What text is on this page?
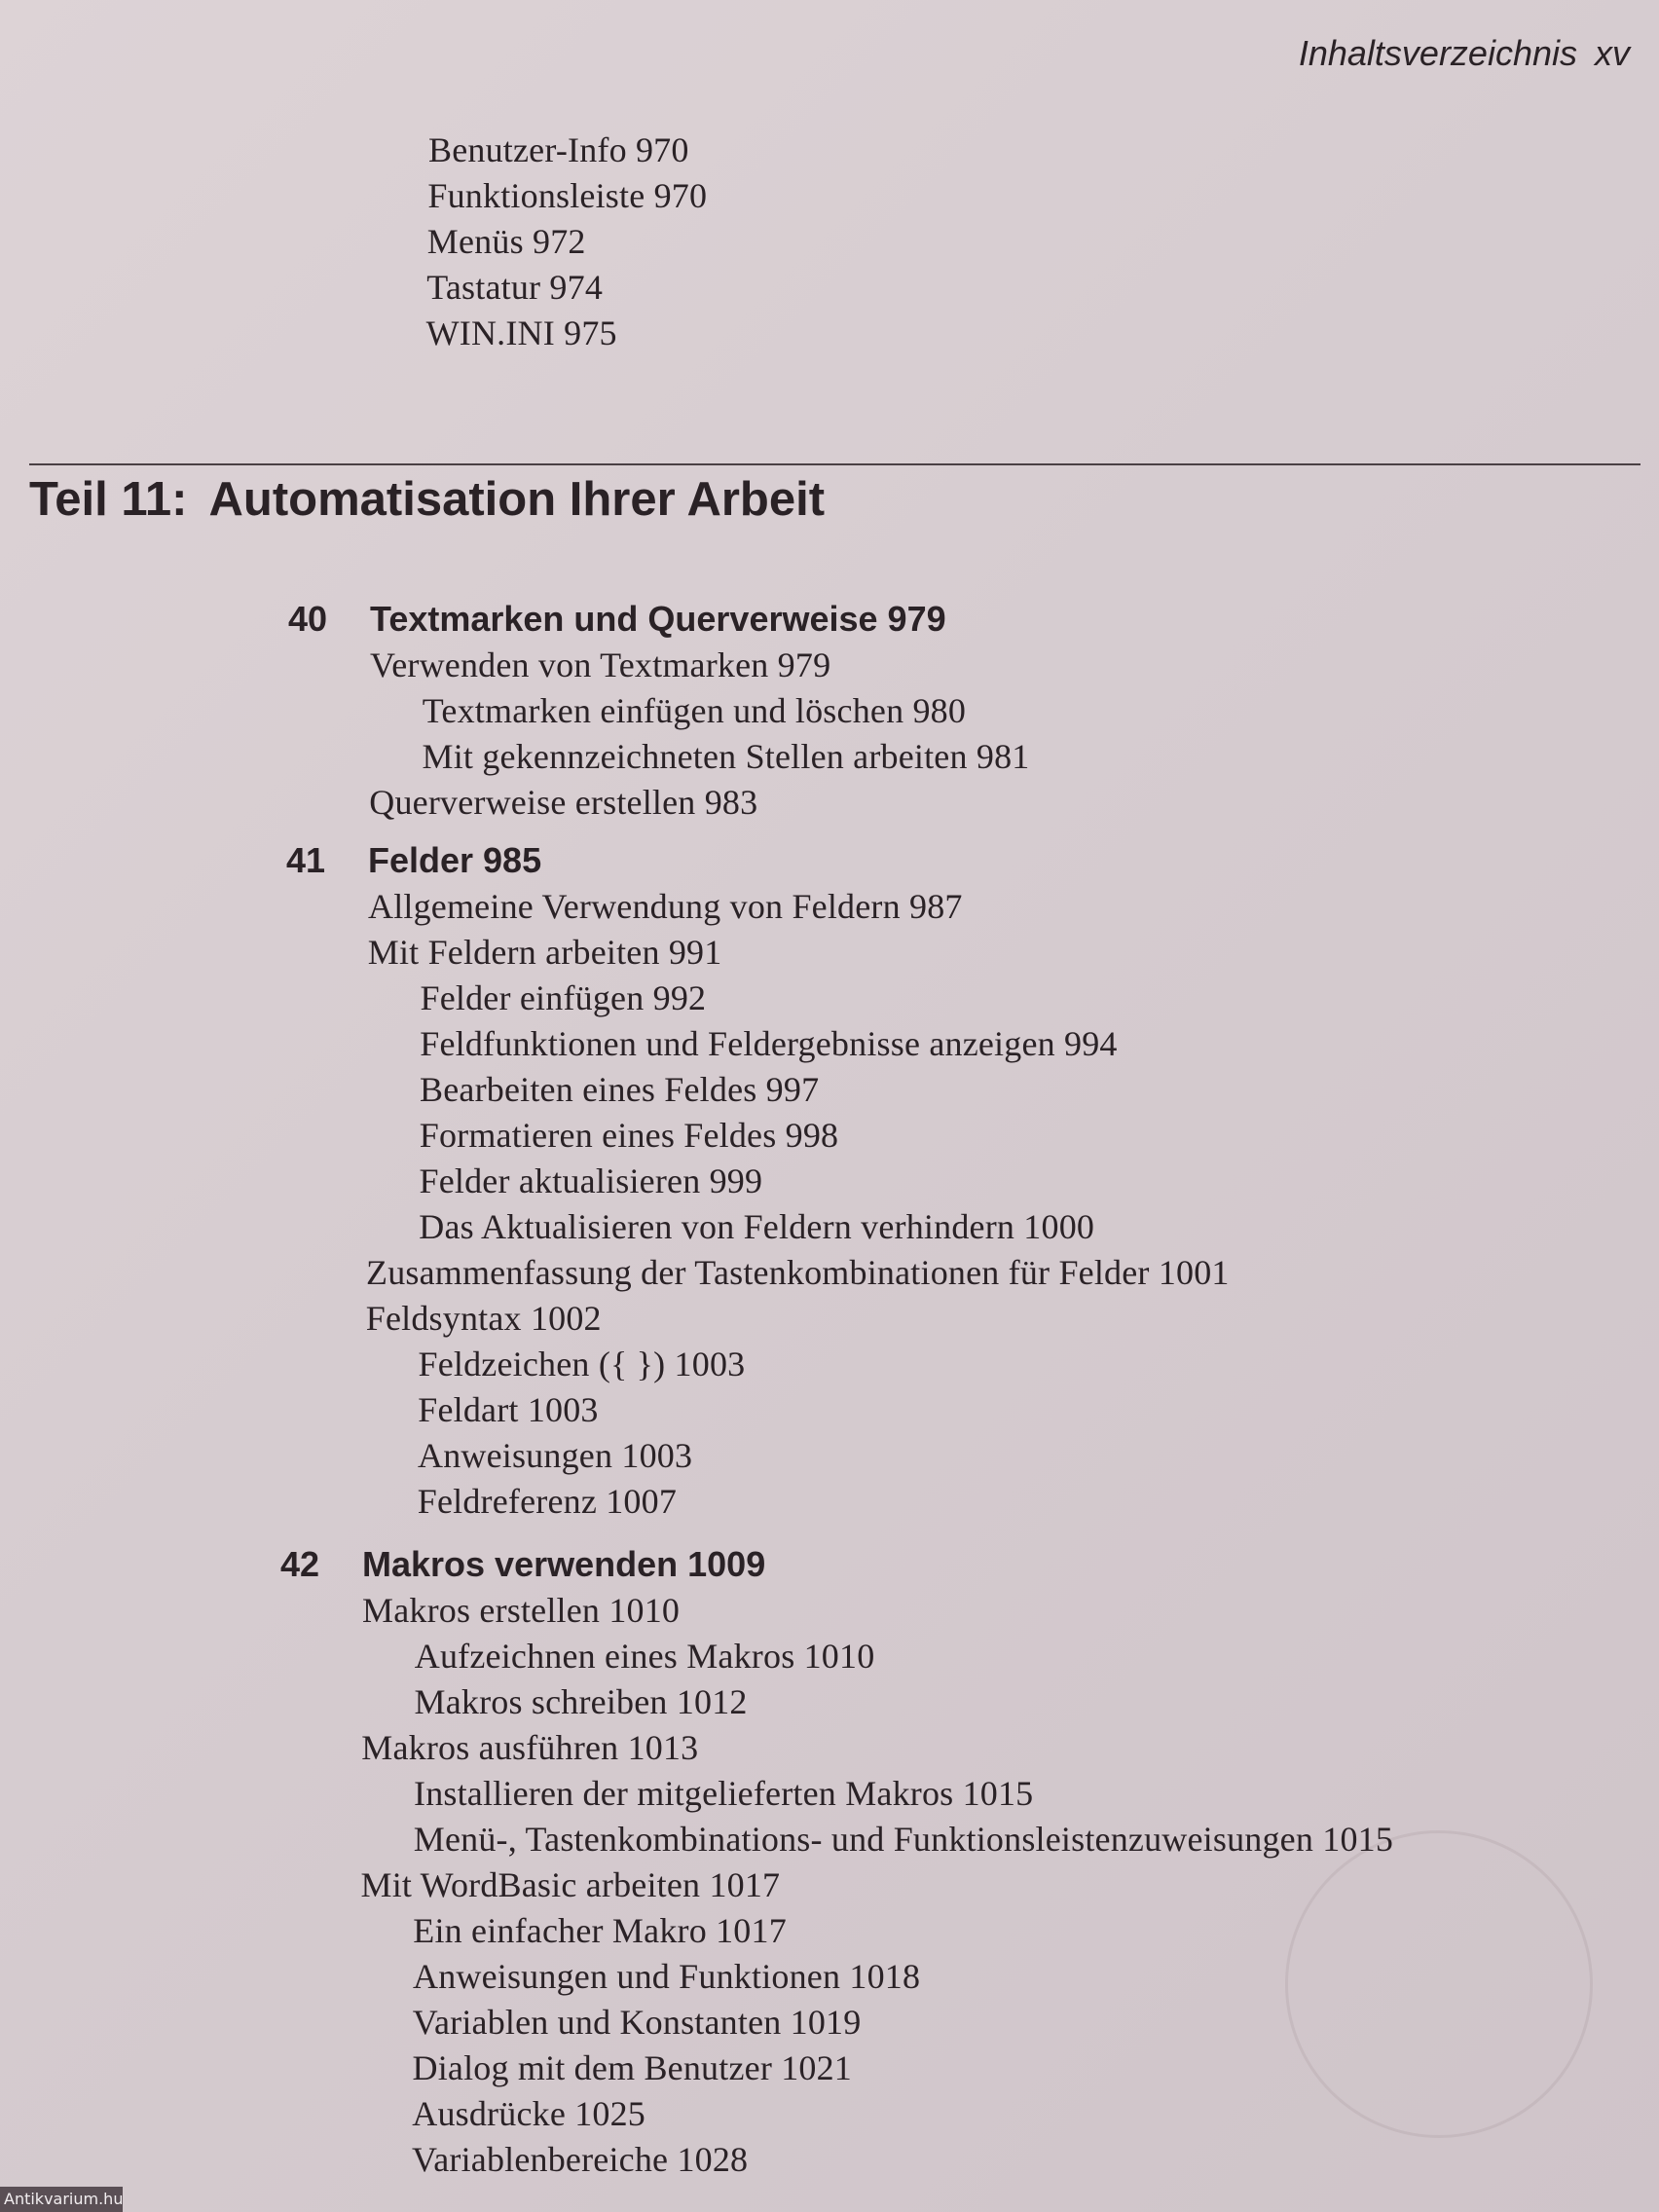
Inhaltsverzeichnis xv
Benutzer-Info 970
Funktionsleiste 970
Menüs 972
Tastatur 974
WIN.INI 975
Teil 11: Automatisation Ihrer Arbeit
40 Textmarken und Querverweise 979
Verwenden von Textmarken 979
Textmarken einfügen und löschen 980
Mit gekennzeichneten Stellen arbeiten 981
Querverweise erstellen 983
41 Felder 985
Allgemeine Verwendung von Feldern 987
Mit Feldern arbeiten 991
Felder einfügen 992
Feldfunktionen und Feldergebnisse anzeigen 994
Bearbeiten eines Feldes 997
Formatieren eines Feldes 998
Felder aktualisieren 999
Das Aktualisieren von Feldern verhindern 1000
Zusammenfassung der Tastenkombinationen für Felder 1001
Feldsyntax 1002
Feldzeichen ({ }) 1003
Feldart 1003
Anweisungen 1003
Feldreferenz 1007
42 Makros verwenden 1009
Makros erstellen 1010
Aufzeichnen eines Makros 1010
Makros schreiben 1012
Makros ausführen 1013
Installieren der mitgelieferten Makros 1015
Menü-, Tastenkombinations- und Funktionsleistenzuweisungen 1015
Mit WordBasic arbeiten 1017
Ein einfacher Makro 1017
Anweisungen und Funktionen 1018
Variablen und Konstanten 1019
Dialog mit dem Benutzer 1021
Ausdrücke 1025
Variablenbereiche 1028
Antikvarium.hu
